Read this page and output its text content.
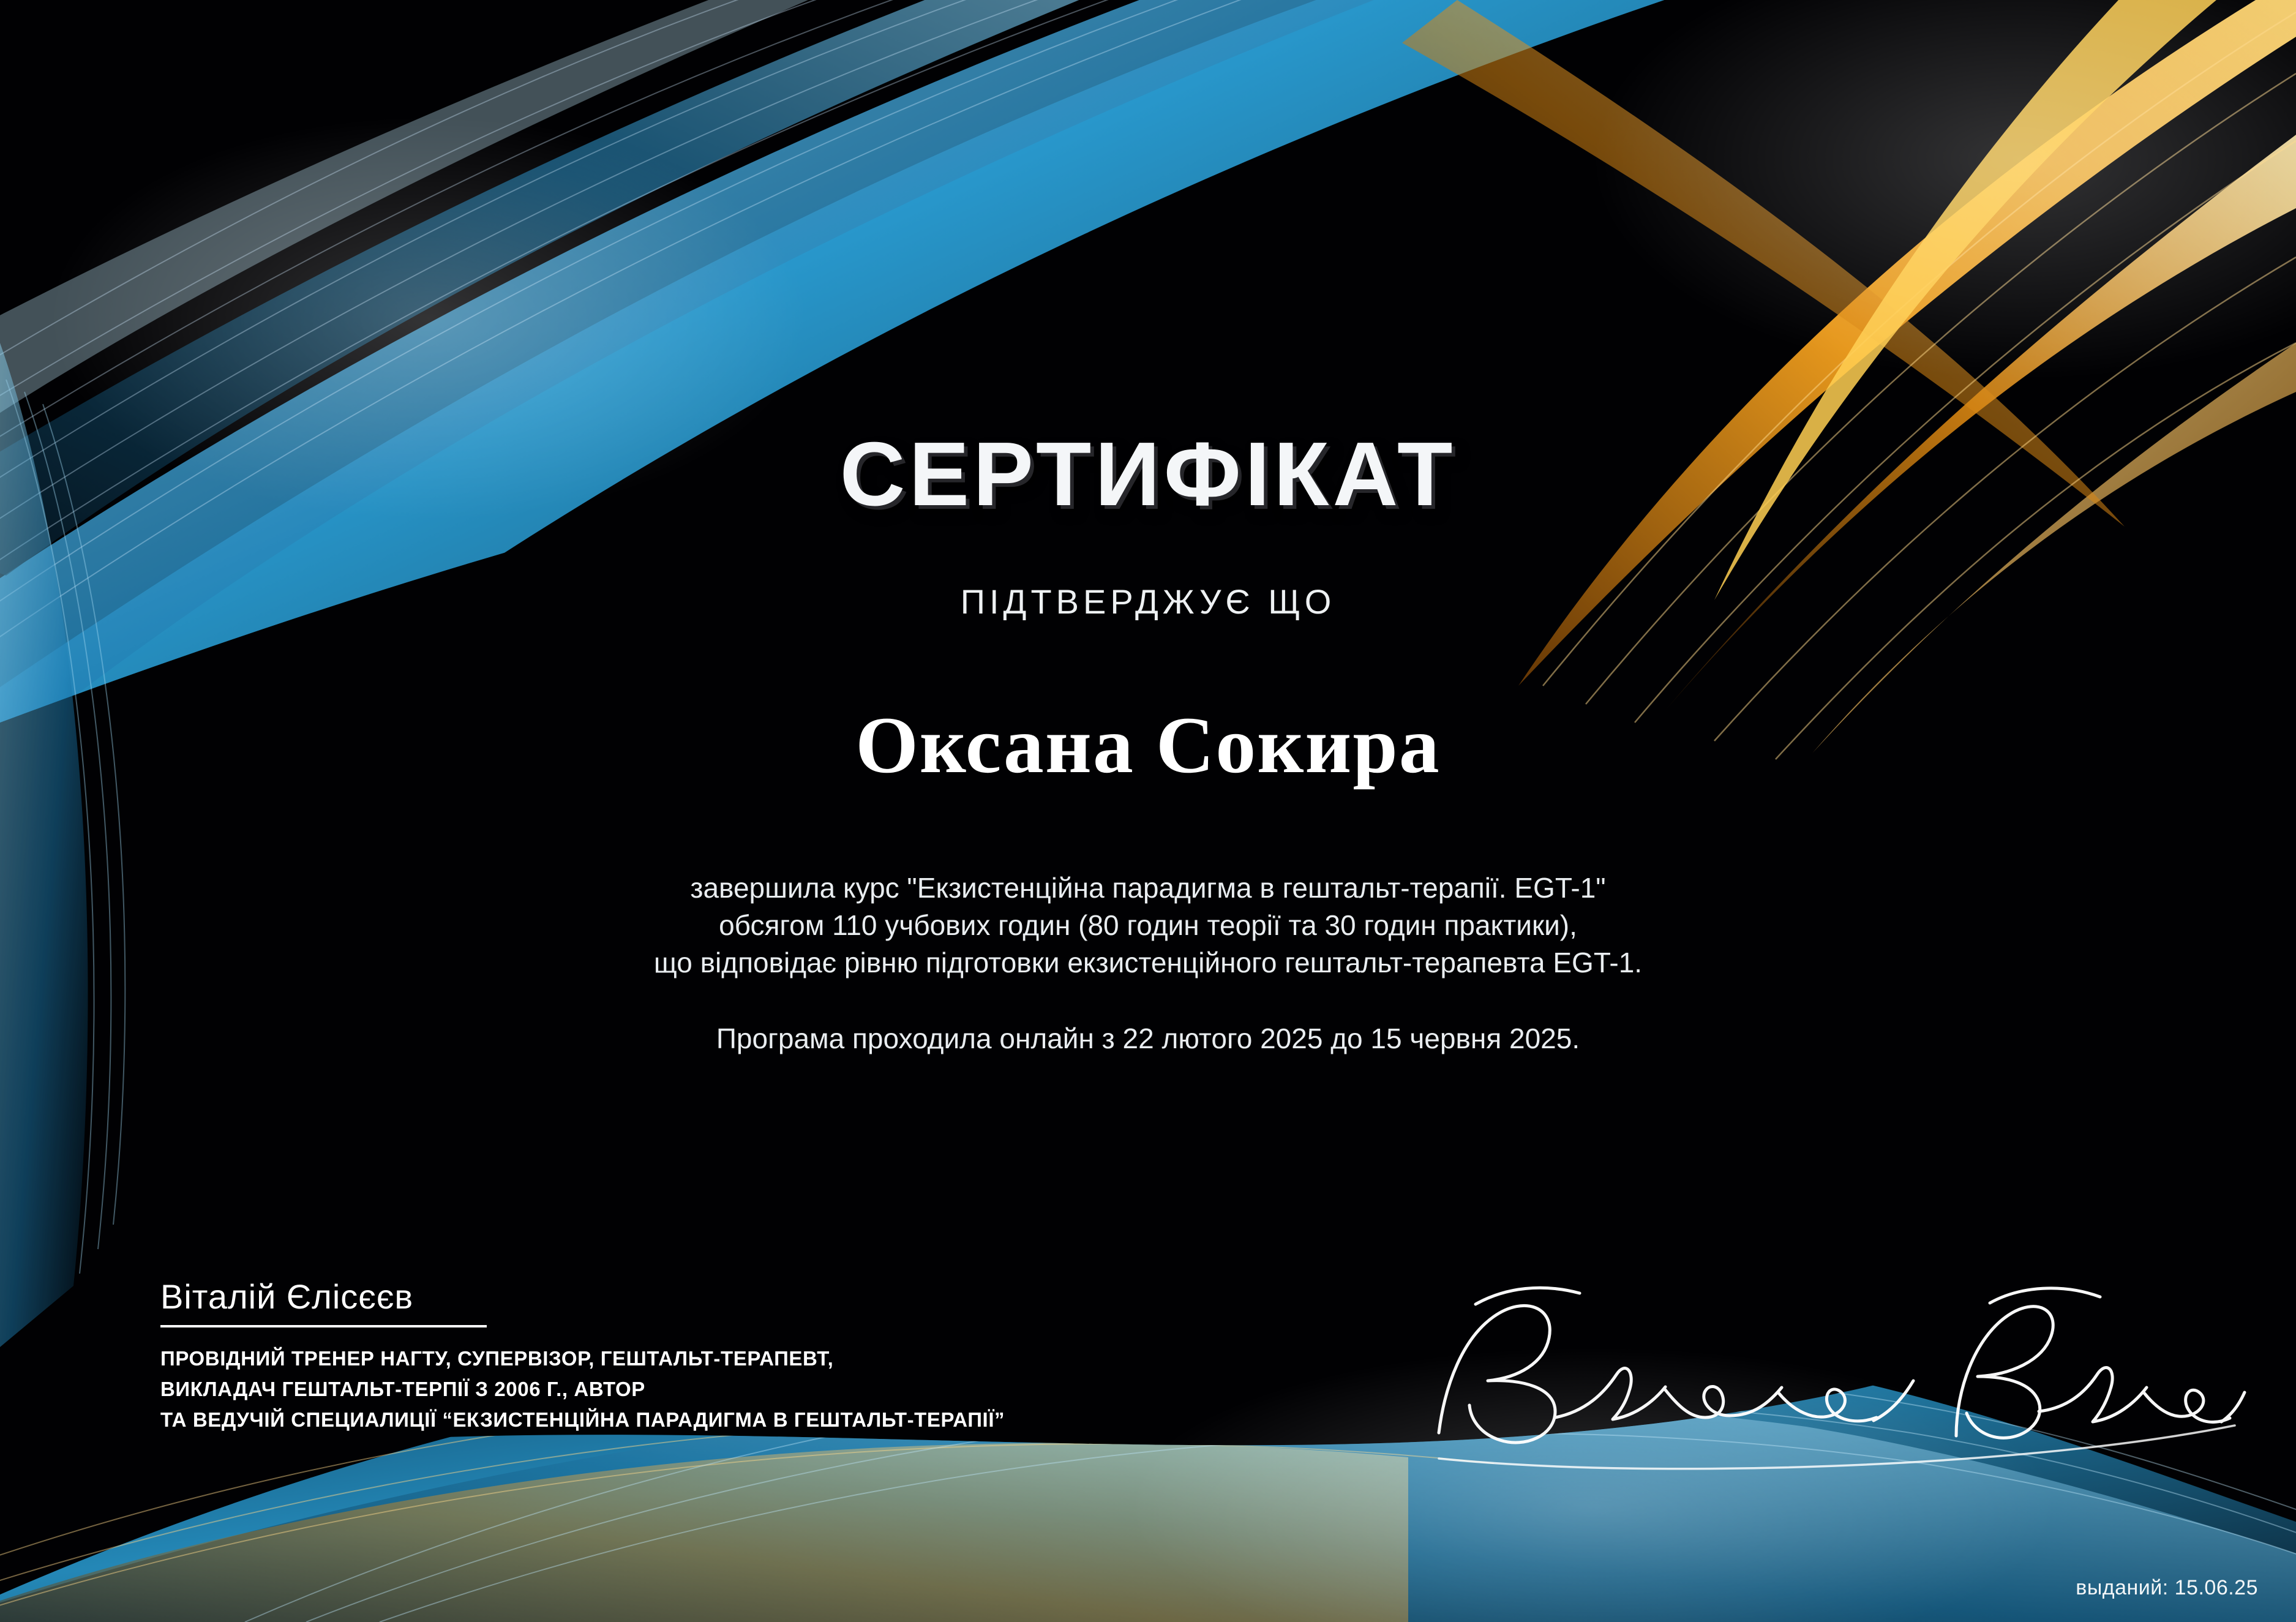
СЕРТИФІКАТ
ПІДТВЕРДЖУЄ ЩО
Оксана Сокира
завершила курс "Екзистенційна парадигма в гештальт-терапії. EGT-1"
обсягом 110 учбових годин (80 годин теорії та 30 годин практики),
що відповідає рівню підготовки екзистенційного гештальт-терапевта EGT-1.
Програма проходила онлайн з 22 лютого 2025 до 15 червня 2025.
Віталій Єлісєєв
ПРОВІДНИЙ ТРЕНЕР НАГТУ, СУПЕРВІЗОР, ГЕШТАЛЬТ-ТЕРАПЕВТ,
ВИКЛАДАЧ ГЕШТАЛЬТ-ТЕРПІЇ З 2006 Г., АВТОР
ТА ВЕДУЧІЙ СПЕЦИАЛИЦІЇ “ЕКЗИСТЕНЦІЙНА ПАРАДИГМА В ГЕШТАЛЬТ-ТЕРАПІЇ”
выданий: 15.06.25
